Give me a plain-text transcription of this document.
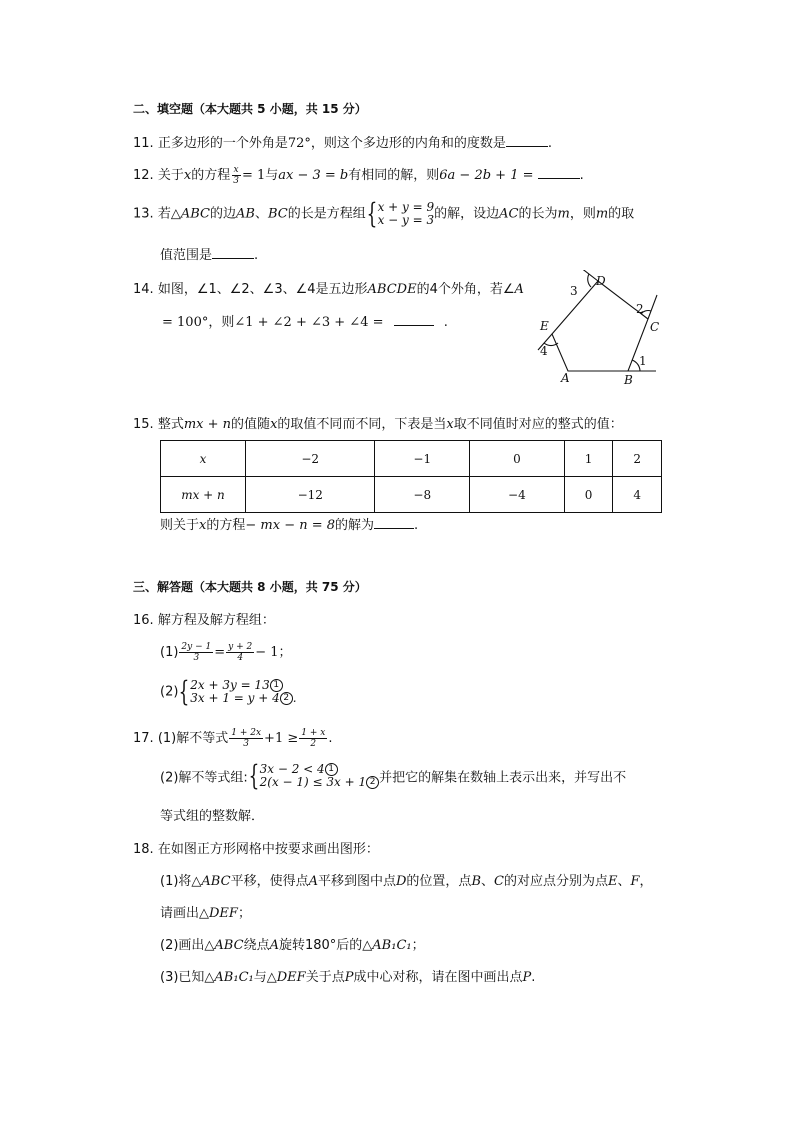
二、填空题（本大题共 5 小题，共 15 分）
11. 正多边形的一个外角是72°，则这个多边形的内角和的度数是	.
12. 关于x的方程 $\frac{x}{3} = 1$与ax − 3 = b有相同的解，则6a − 2b + 1 =	.
13. 若△ABC的边AB、BC的长是方程组{ x + y = 9
x − y = 3 的解，设边AC的长为m，则m的取
值范围是	.
14. 如图，∠1、∠2、∠3、∠4是五边形ABCDE的4个外角，若∠A
= 100°，则∠1 + ∠2 + ∠3 + ∠4 =	.
A	B
C
D
E
1
2
3
4
15. 整式mx + n的值随x的取值不同而不同，下表是当x取不同值时对应的整式的值：
x	−2	−1	0	1	2
mx + n	−12	−8	−4	0	4
则关于x的方程− mx − n = 8的解为	.
三、解答题（本大题共 8 小题，共 75 分）
16. 解方程及解方程组：
$(1) \frac{2y - 1}{3} = \frac{y + 2}{4} - 1$；
(2){ 2x + 3y = 13 1
3x + 1 = y + 4 2 .
17. (1)解不等式 $\frac{1 + 2x}{3} +1 \ge \frac{1 + x}{2}$ .
(2)解不等式组:{ 3x − 2 < 4 1
2(x − 1) ≤ 3x + 1 2 并把它的解集在数轴上表示出来，并写出不
等式组的整数解．
18. 在如图正方形网格中按要求画出图形：
(1)将△ABC平移，使得点A平移到图中点D的位置，点B、C的对应点分别为点E、F，
请画出△DEF；
(2)画出△ABC绕点A旋转180°后的△AB₁C₁；
(3)已知△AB₁C₁与△DEF关于点P成中心对称，请在图中画出点P.
